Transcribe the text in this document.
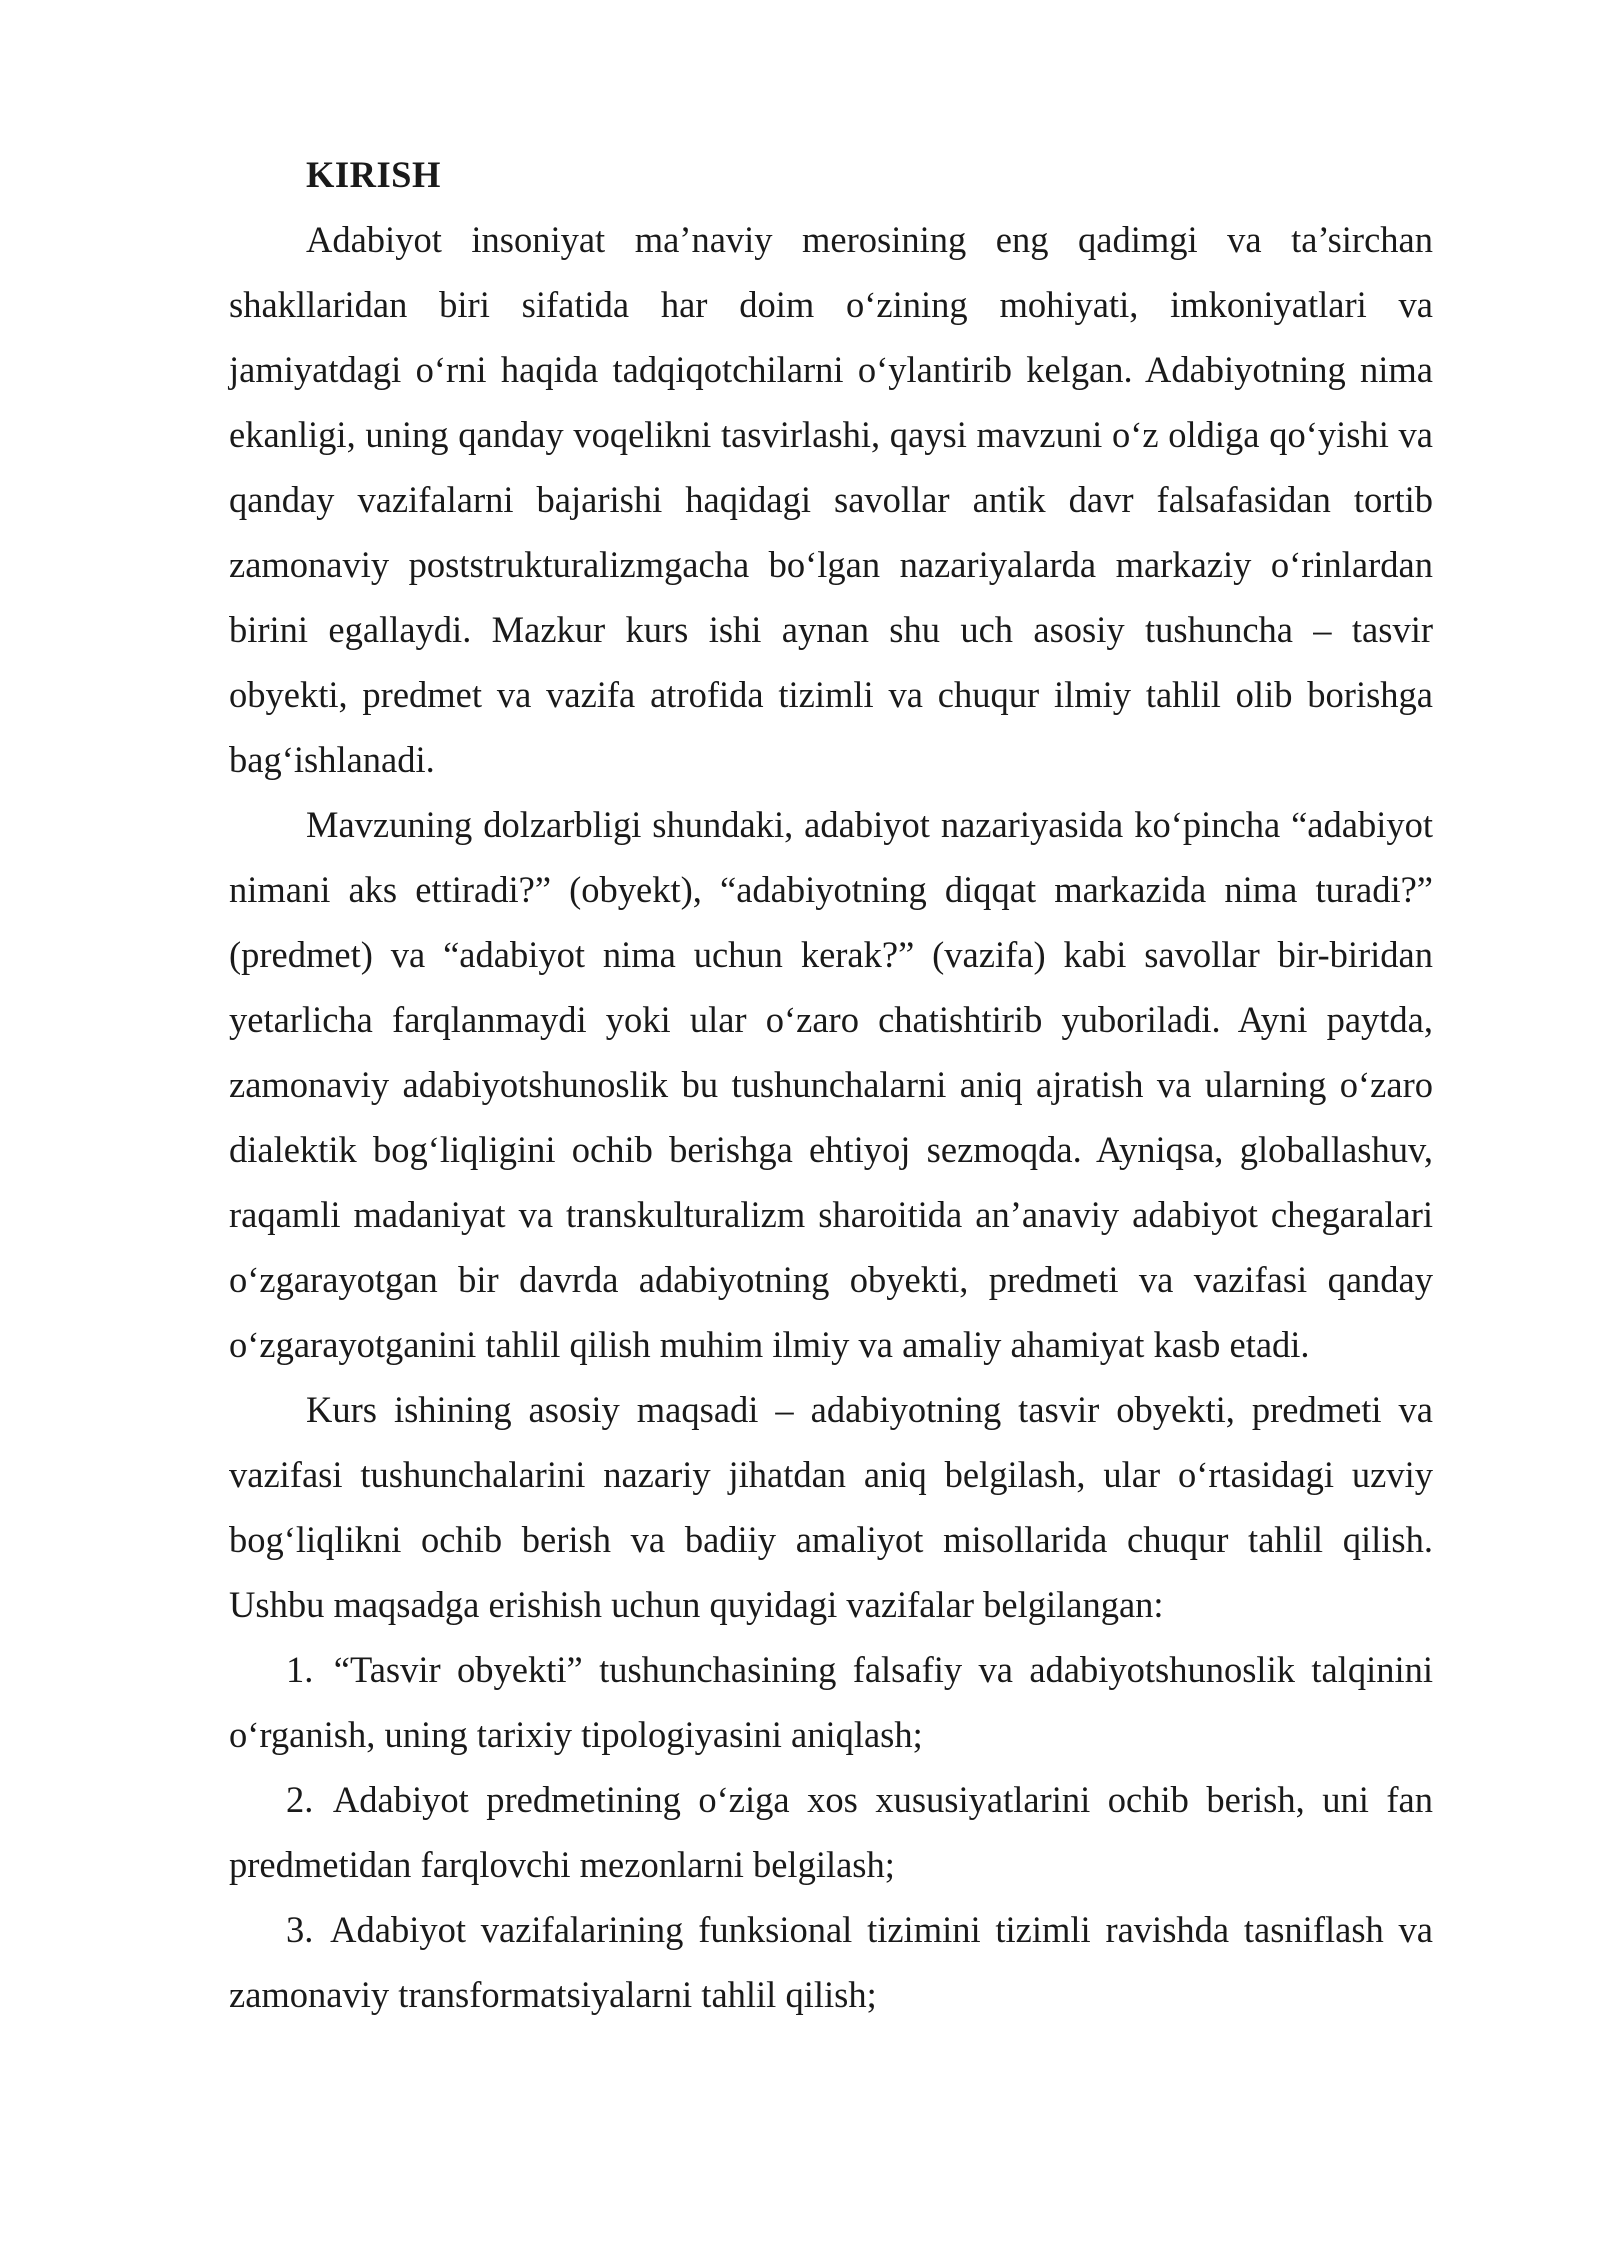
KIRISH

Adabiyot insoniyat ma’naviy merosining eng qadimgi va ta’sirchan shakllaridan biri sifatida har doim o‘zining mohiyati, imkoniyatlari va jamiyatdagi o‘rni haqida tadqiqotchilarni o‘ylantirib kelgan. Adabiyotning nima ekanligi, uning qanday voqelikni tasvirlashi, qaysi mavzuni o‘z oldiga qo‘yishi va qanday vazifalarni bajarishi haqidagi savollar antik davr falsafasidan tortib zamonaviy poststrukturalizmgacha bo‘lgan nazariyalarda markaziy o‘rinlardan birini egallaydi. Mazkur kurs ishi aynan shu uch asosiy tushuncha – tasvir obyekti, predmet va vazifa atrofida tizimli va chuqur ilmiy tahlil olib borishga bag‘ishlanadi.

Mavzuning dolzarbligi shundaki, adabiyot nazariyasida ko‘pincha “adabiyot nimani aks ettiradi?” (obyekt), “adabiyotning diqqat markazida nima turadi?” (predmet) va “adabiyot nima uchun kerak?” (vazifa) kabi savollar bir-biridan yetarlicha farqlanmaydi yoki ular o‘zaro chatishtirib yuboriladi. Ayni paytda, zamonaviy adabiyotshunoslik bu tushunchalarni aniq ajratish va ularning o‘zaro dialektik bog‘liqligini ochib berishga ehtiyoj sezmoqda. Ayniqsa, globallashuv, raqamli madaniyat va transkulturalizm sharoitida an’anaviy adabiyot chegaralari o‘zgarayotgan bir davrda adabiyotning obyekti, predmeti va vazifasi qanday o‘zgarayotganini tahlil qilish muhim ilmiy va amaliy ahamiyat kasb etadi.

Kurs ishining asosiy maqsadi – adabiyotning tasvir obyekti, predmeti va vazifasi tushunchalarini nazariy jihatdan aniq belgilash, ular o‘rtasidagi uzviy bog‘liqlikni ochib berish va badiiy amaliyot misollarida chuqur tahlil qilish. Ushbu maqsadga erishish uchun quyidagi vazifalar belgilangan:

1. “Tasvir obyekti” tushunchasining falsafiy va adabiyotshunoslik talqinini o‘rganish, uning tarixiy tipologiyasini aniqlash;

2. Adabiyot predmetining o‘ziga xos xususiyatlarini ochib berish, uni fan predmetidan farqlovchi mezonlarni belgilash;

3. Adabiyot vazifalarining funksional tizimini tizimli ravishda tasniflash va zamonaviy transformatsiyalarni tahlil qilish;
